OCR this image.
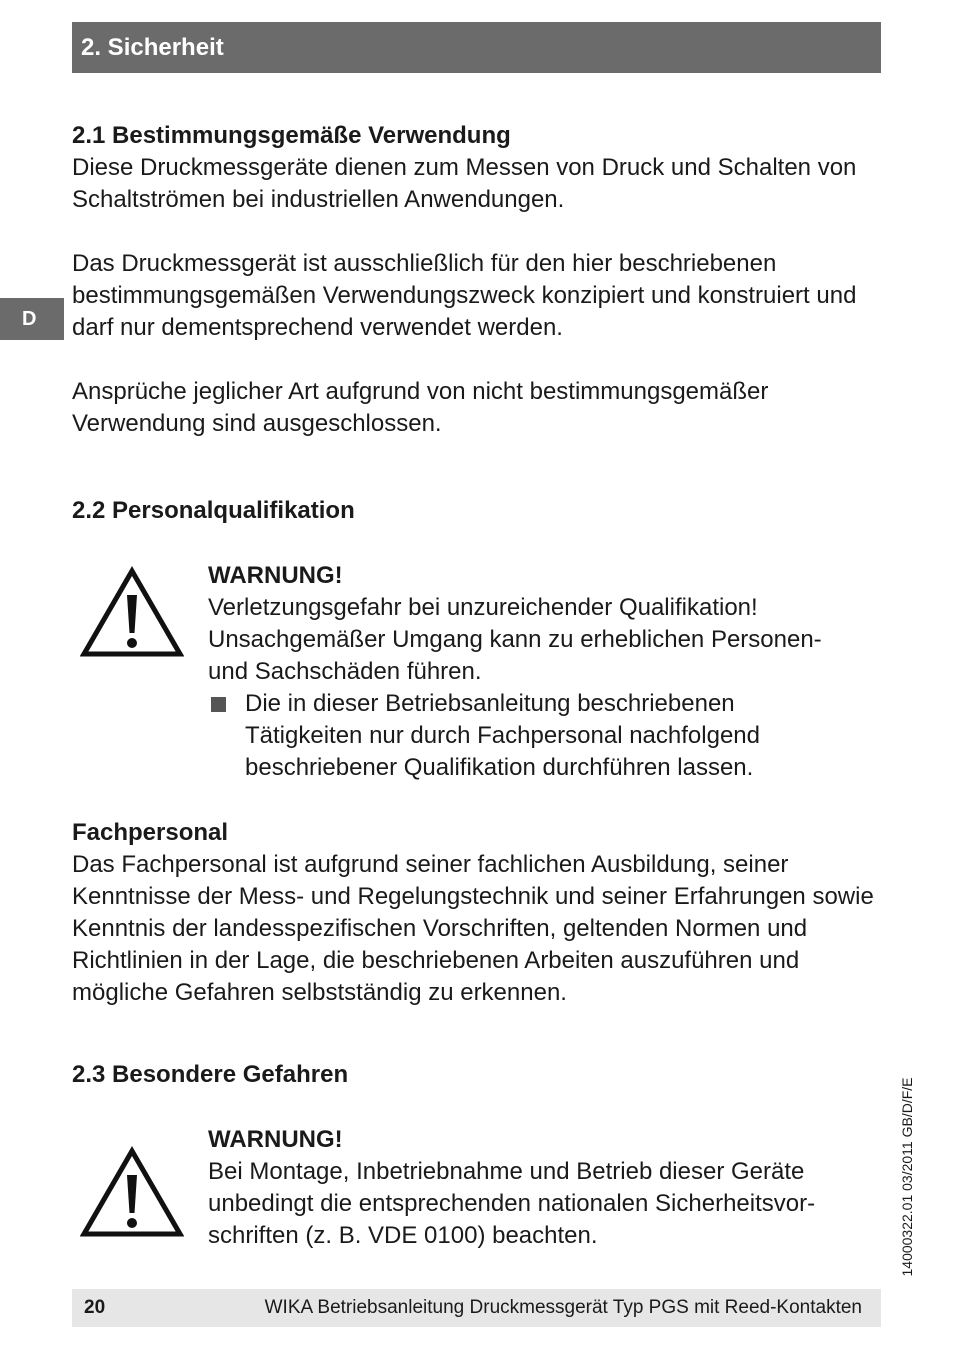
2. Sicherheit
D

2.1 Bestimmungsgemäße Verwendung

Diese Druckmessgeräte dienen zum Messen von Druck und Schalten von Schaltströmen bei industriellen Anwendungen.

Das Druckmessgerät ist ausschließlich für den hier beschriebenen bestimmungsgemäßen Verwendungszweck konzipiert und konstruiert und darf nur dementsprechend verwendet werden.

Ansprüche jeglicher Art aufgrund von nicht bestimmungsgemäßer Verwendung sind ausgeschlossen.

2.2 Personalqualifikation

WARNUNG!

Verletzungsgefahr bei unzureichender Qualifikation! Unsachgemäßer Umgang kann zu erheblichen Personen- und Sachschäden führen.

Die in dieser Betriebsanleitung beschriebenen Tätigkeiten nur durch Fachpersonal nachfolgend beschriebener Qualifikation durchführen lassen.

Fachpersonal

Das Fachpersonal ist aufgrund seiner fachlichen Ausbildung, seiner Kenntnisse der Mess- und Regelungstechnik und seiner Erfahrungen sowie Kenntnis der landesspezifischen Vorschriften, geltenden Normen und Richtlinien in der Lage, die beschriebenen Arbeiten auszuführen und mögliche Gefahren selbstständig zu erkennen.

2.3 Besondere Gefahren

WARNUNG!

Bei Montage, Inbetriebnahme und Betrieb dieser Geräte unbedingt die entsprechenden nationalen Sicherheitsvor-schriften (z. B. VDE 0100) beachten.	14000322.01 03/2011 GB/D/F/E
20	WIKA Betriebsanleitung Druckmessgerät Typ PGS mit Reed-Kontakten
